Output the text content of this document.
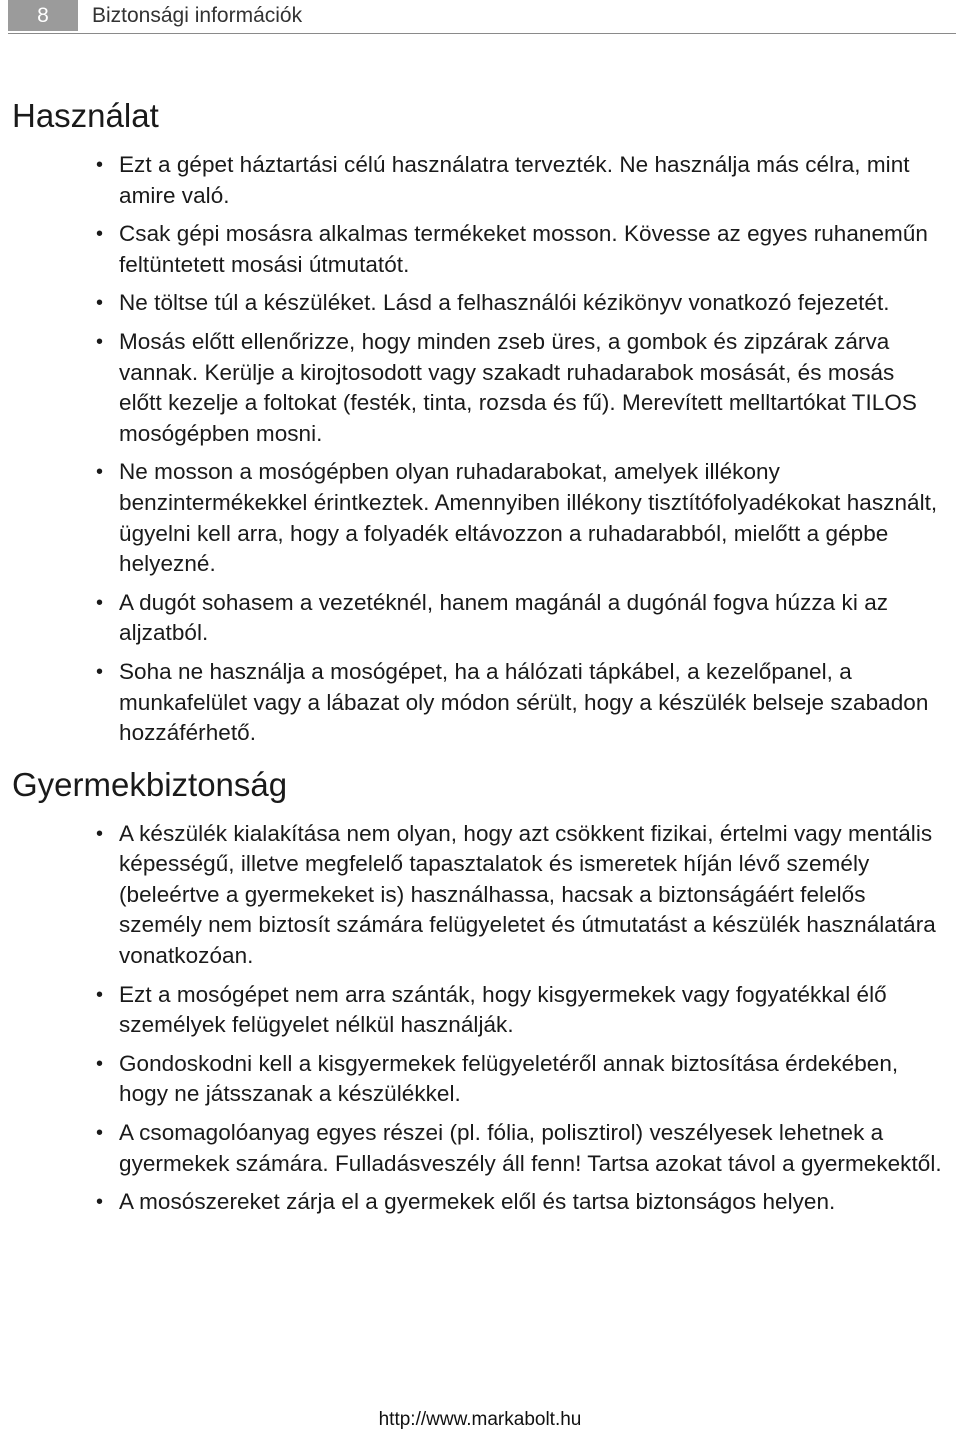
8	Biztonsági információk
Használat
• Ezt a gépet háztartási célú használatra tervezték. Ne használja más célra, mint amire való.
• Csak gépi mosásra alkalmas termékeket mosson. Kövesse az egyes ruhaneműn feltüntetett mosási útmutatót.
• Ne töltse túl a készüléket. Lásd a felhasználói kézikönyv vonatkozó fejezetét.
• Mosás előtt ellenőrizze, hogy minden zseb üres, a gombok és zipzárak zárva vannak. Kerülje a kirojtosodott vagy szakadt ruhadarabok mosását, és mosás előtt kezelje a foltokat (festék, tinta, rozsda és fű). Merevített melltartókat TILOS mosógépben mosni.
• Ne mosson a mosógépben olyan ruhadarabokat, amelyek illékony benzintermékekkel érintkeztek. Amennyiben illékony tisztítófolyadékokat használt, ügyelni kell arra, hogy a folyadék eltávozzon a ruhadarabból, mielőtt a gépbe helyezné.
• A dugót sohasem a vezetéknél, hanem magánál a dugónál fogva húzza ki az aljzatból.
• Soha ne használja a mosógépet, ha a hálózati tápkábel, a kezelőpanel, a munkafelület vagy a lábazat oly módon sérült, hogy a készülék belseje szabadon hozzáférhető.
Gyermekbiztonság
• A készülék kialakítása nem olyan, hogy azt csökkent fizikai, értelmi vagy mentális képességű, illetve megfelelő tapasztalatok és ismeretek híján lévő személy (beleértve a gyermekeket is) használhassa, hacsak a biztonságáért felelős személy nem biztosít számára felügyeletet és útmutatást a készülék használatára vonatkozóan.
• Ezt a mosógépet nem arra szánták, hogy kisgyermekek vagy fogyatékkal élő személyek felügyelet nélkül használják.
• Gondoskodni kell a kisgyermekek felügyeletéről annak biztosítása érdekében, hogy ne játsszanak a készülékkel.
• A csomagolóanyag egyes részei (pl. fólia, polisztirol) veszélyesek lehetnek a gyermekek számára. Fulladásveszély áll fenn! Tartsa azokat távol a gyermekektől.
• A mosószereket zárja el a gyermekek elől és tartsa biztonságos helyen.
http://www.markabolt.hu
